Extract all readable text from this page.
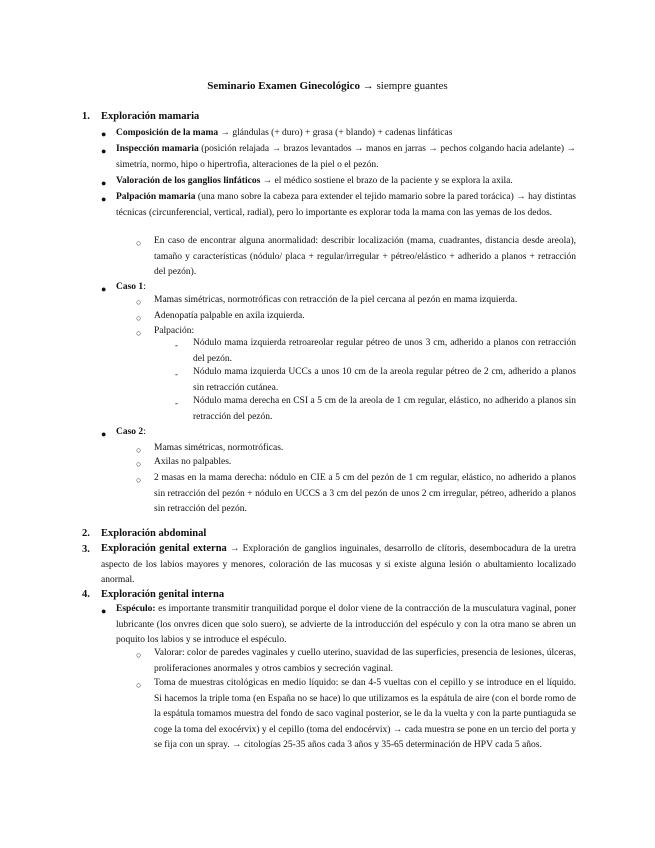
Seminario Examen Ginecológico → siempre guantes
1. Exploración mamaria
● Composición de la mama → glándulas (+ duro) + grasa (+ blando) + cadenas linfáticas
● Inspección mamaria (posición relajada → brazos levantados → manos en jarras → pechos colgando hacia adelante) → simetría, normo, hipo o hipertrofia, alteraciones de la piel o el pezón.
● Valoración de los ganglios linfáticos → el médico sostiene el brazo de la paciente y se explora la axila.
● Palpación mamaria (una mano sobre la cabeza para extender el tejido mamario sobre la pared torácica) → hay distintas técnicas (circunferencial, vertical, radial), pero lo importante es explorar toda la mama con las yemas de los dedos.
○ En caso de encontrar alguna anormalidad: describir localización (mama, cuadrantes, distancia desde areola), tamaño y características (nódulo/ placa + regular/irregular + pétreo/elástico + adherido a planos + retracción del pezón).
● Caso 1:
○ Mamas simétricas, normotróficas con retracción de la piel cercana al pezón en mama izquierda.
○ Adenopatía palpable en axila izquierda.
○ Palpación:
- Nódulo mama izquierda retroareolar regular pétreo de unos 3 cm, adherido a planos con retracción del pezón.
- Nódulo mama izquierda UCCs a unos 10 cm de la areola regular pétreo de 2 cm, adherido a planos sin retracción cutánea.
- Nódulo mama derecha en CSI a 5 cm de la areola de 1 cm regular, elástico, no adherido a planos sin retracción del pezón.
● Caso 2:
○ Mamas simétricas, normotróficas.
○ Axilas no palpables.
○ 2 masas en la mama derecha: nódulo en CIE a 5 cm del pezón de 1 cm regular, elástico, no adherido a planos sin retracción del pezón + nódulo en UCCS a 3 cm del pezón de unos 2 cm irregular, pétreo, adherido a planos sin retracción del pezón.
2. Exploración abdominal
3. Exploración genital externa → Exploración de ganglios inguinales, desarrollo de clítoris, desembocadura de la uretra aspecto de los labios mayores y menores, coloración de las mucosas y si existe alguna lesión o abultamiento localizado anormal.
4. Exploración genital interna
● Espéculo: es importante transmitir tranquilidad porque el dolor viene de la contracción de la musculatura vaginal, poner lubricante (los onvres dicen que solo suero), se advierte de la introducción del espéculo y con la otra mano se abren un poquito los labios y se introduce el espéculo.
○ Valorar: color de paredes vaginales y cuello uterino, suavidad de las superficies, presencia de lesiones, úlceras, proliferaciones anormales y otros cambios y secreción vaginal.
○ Toma de muestras citológicas en medio líquido: se dan 4-5 vueltas con el cepillo y se introduce en el líquido. Si hacemos la triple toma (en España no se hace) lo que utilizamos es la espátula de aire (con el borde romo de la espátula tomamos muestra del fondo de saco vaginal posterior, se le da la vuelta y con la parte puntiaguda se coge la toma del exocérvix) y el cepillo (toma del endocérvix) → cada muestra se pone en un tercio del porta y se fija con un spray. → citologías 25-35 años cada 3 años y 35-65 determinación de HPV cada 5 años.
